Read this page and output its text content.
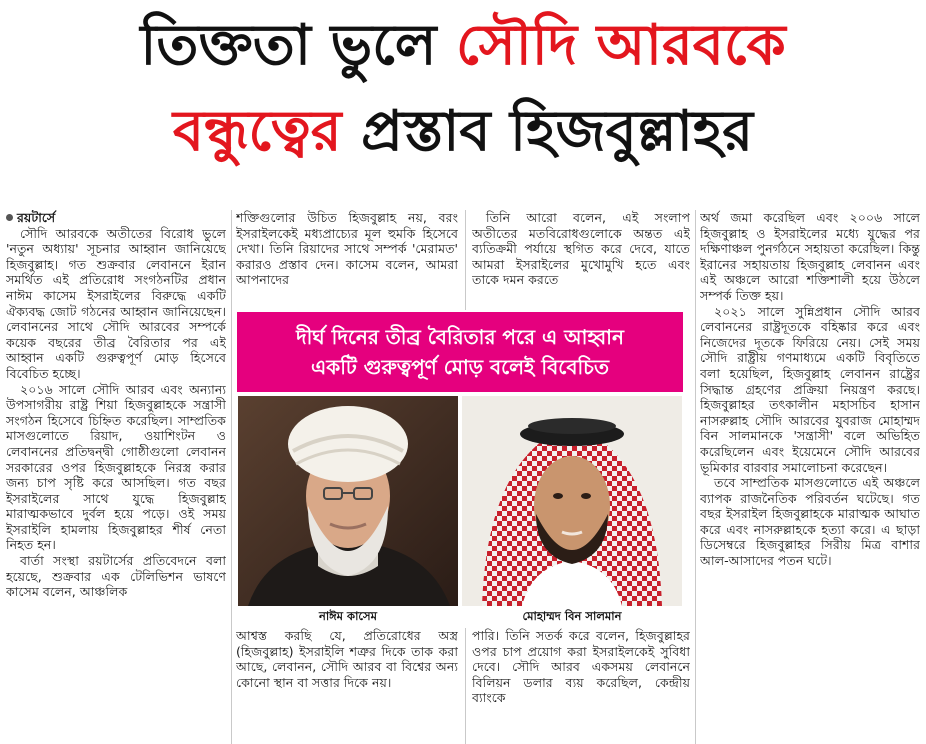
তিক্ততা ভুলে সৌদি আরবকে
বন্ধুত্বের প্রস্তাব হিজবুল্লাহর

রয়টার্সে

সৌদি আরবকে অতীতের বিরোধ ভুলে 'নতুন অধ্যায়' সূচনার আহ্বান জানিয়েছে হিজবুল্লাহ। গত শুক্রবার লেবাননে ইরান সমর্থিত এই প্রতিরোধ সংগঠনটির প্রধান নাঈম কাসেম ইসরাইলের বিরুদ্ধে একটি ঐক্যবদ্ধ জোট গঠনের আহ্বান জানিয়েছেন। লেবাননের সাথে সৌদি আরবের সম্পর্কে কয়েক বছরের তীব্র বৈরিতার পর এই আহ্বান একটি গুরুত্বপূর্ণ মোড় হিসেবে বিবেচিত হচ্ছে।

২০১৬ সালে সৌদি আরব এবং অন্যান্য উপসাগরীয় রাষ্ট্র শিয়া হিজবুল্লাহকে সন্ত্রাসী সংগঠন হিসেবে চিহ্নিত করেছিল। সাম্প্রতিক মাসগুলোতে রিয়াদ, ওয়াশিংটন ও লেবাননের প্রতিদ্বন্দ্বী গোষ্ঠীগুলো লেবানন সরকারের ওপর হিজবুল্লাহকে নিরস্ত্র করার জন্য চাপ সৃষ্টি করে আসছিল। গত বছর ইসরাইলের সাথে যুদ্ধে হিজবুল্লাহ মারাত্মকভাবে দুর্বল হয়ে পড়ে। ওই সময় ইসরাইলি হামলায় হিজবুল্লাহর শীর্ষ নেতা নিহত হন।

বার্তা সংস্থা রয়টার্সের প্রতিবেদনে বলা হয়েছে, শুক্রবার এক টেলিভিশন ভাষণে কাসেম বলেন, আঞ্চলিক

শক্তিগুলোর উচিত হিজবুল্লাহ নয়, বরং ইসরাইলকেই মধ্যপ্রাচ্যের মূল হুমকি হিসেবে দেখা। তিনি রিয়াদের সাথে সম্পর্ক 'মেরামত' করারও প্রস্তাব দেন। কাসেম বলেন, আমরা আপনাদের

তিনি আরো বলেন, এই সংলাপ অতীতের মতবিরোধগুলোকে অন্তত এই ব্যতিক্রমী পর্যায়ে স্থগিত করে দেবে, যাতে আমরা ইসরাইলের মুখোমুখি হতে এবং তাকে দমন করতে

দীর্ঘ দিনের তীব্র বৈরিতার পরে এ আহ্বান
একটি গুরুত্বপূর্ণ মোড় বলেই বিবেচিত
নাঈম কাসেম	মোহাম্মদ বিন সালমান

আশ্বস্ত করছি যে, প্রতিরোধের অস্ত্র (হিজবুল্লাহ) ইসরাইলি শত্রুর দিকে তাক করা আছে, লেবানন, সৌদি আরব বা বিশ্বের অন্য কোনো স্থান বা সত্তার দিকে নয়।

পারি। তিনি সতর্ক করে বলেন, হিজবুল্লাহর ওপর চাপ প্রয়োগ করা ইসরাইলকেই সুবিধা দেবে। সৌদি আরব একসময় লেবাননে বিলিয়ন ডলার ব্যয় করেছিল, কেন্দ্রীয় ব্যাংকে

অর্থ জমা করেছিল এবং ২০০৬ সালে হিজবুল্লাহ ও ইসরাইলের মধ্যে যুদ্ধের পর দক্ষিণাঞ্চল পুনর্গঠনে সহায়তা করেছিল। কিন্তু ইরানের সহায়তায় হিজবুল্লাহ লেবানন এবং এই অঞ্চলে আরো শক্তিশালী হয়ে উঠলে সম্পর্ক তিক্ত হয়।

২০২১ সালে সুন্নিপ্রধান সৌদি আরব লেবাননের রাষ্ট্রদূতকে বহিষ্কার করে এবং নিজেদের দূতকে ফিরিয়ে নেয়। সেই সময় সৌদি রাষ্ট্রীয় গণমাধ্যমে একটি বিবৃতিতে বলা হয়েছিল, হিজবুল্লাহ লেবানন রাষ্ট্রের সিদ্ধান্ত গ্রহণের প্রক্রিয়া নিয়ন্ত্রণ করছে। হিজবুল্লাহর তৎকালীন মহাসচিব হাসান নাসরুল্লাহ সৌদি আরবের যুবরাজ মোহাম্মদ বিন সালমানকে 'সন্ত্রাসী' বলে অভিহিত করেছিলেন এবং ইয়েমেনে সৌদি আরবের ভূমিকার বারবার সমালোচনা করেছেন।

তবে সাম্প্রতিক মাসগুলোতে এই অঞ্চলে ব্যাপক রাজনৈতিক পরিবর্তন ঘটেছে। গত বছর ইসরাইল হিজবুল্লাহকে মারাত্মক আঘাত করে এবং নাসরুল্লাহকে হত্যা করে। এ ছাড়া ডিসেম্বরে হিজবুল্লাহর সিরীয় মিত্র বাশার আল-আসাদের পতন ঘটে।
